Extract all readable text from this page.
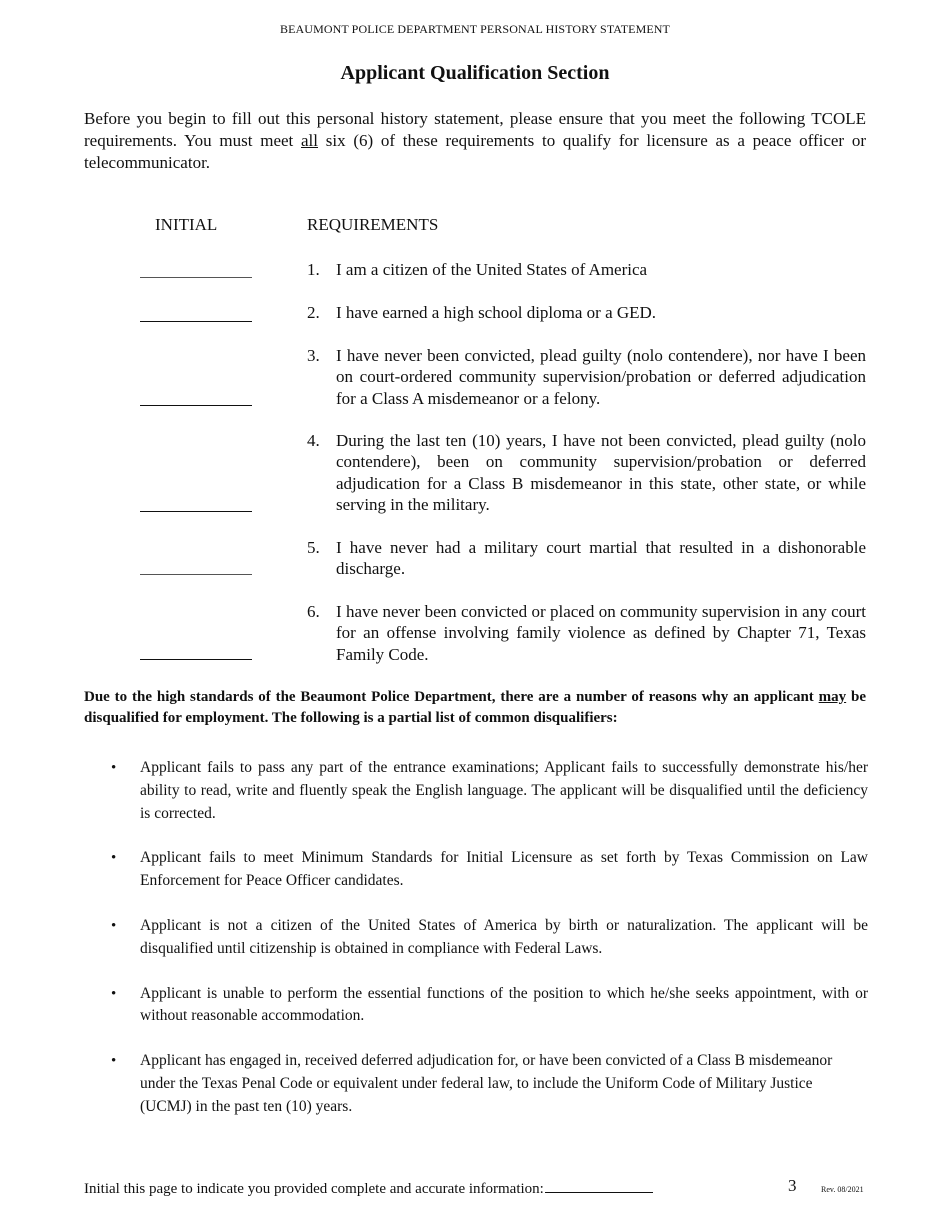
BEAUMONT POLICE DEPARTMENT PERSONAL HISTORY STATEMENT
Applicant Qualification Section

Before you begin to fill out this personal history statement, please ensure that you meet the following TCOLE requirements. You must meet all six (6) of these requirements to qualify for licensure as a peace officer or telecommunicator.

INITIAL	REQUIREMENTS
1. I am a citizen of the United States of America
2. I have earned a high school diploma or a GED.
3. I have never been convicted, plead guilty (nolo contendere), nor have I been on court-ordered community supervision/probation or deferred adjudication for a Class A misdemeanor or a felony.
4. During the last ten (10) years, I have not been convicted, plead guilty (nolo contendere), been on community supervision/probation or deferred adjudication for a Class B misdemeanor in this state, other state, or while serving in the military.
5. I have never had a military court martial that resulted in a dishonorable discharge.
6. I have never been convicted or placed on community supervision in any court for an offense involving family violence as defined by Chapter 71, Texas Family Code.

Due to the high standards of the Beaumont Police Department, there are a number of reasons why an applicant may be disqualified for employment. The following is a partial list of common disqualifiers:

• Applicant fails to pass any part of the entrance examinations; Applicant fails to successfully demonstrate his/her ability to read, write and fluently speak the English language. The applicant will be disqualified until the deficiency is corrected.
• Applicant fails to meet Minimum Standards for Initial Licensure as set forth by Texas Commission on Law Enforcement for Peace Officer candidates.
• Applicant is not a citizen of the United States of America by birth or naturalization. The applicant will be disqualified until citizenship is obtained in compliance with Federal Laws.
• Applicant is unable to perform the essential functions of the position to which he/she seeks appointment, with or without reasonable accommodation.
• Applicant has engaged in, received deferred adjudication for, or have been convicted of a Class B misdemeanor under the Texas Penal Code or equivalent under federal law, to include the Uniform Code of Military Justice (UCMJ) in the past ten (10) years.
Initial this page to indicate you provided complete and accurate information:	3	Rev. 08/2021
